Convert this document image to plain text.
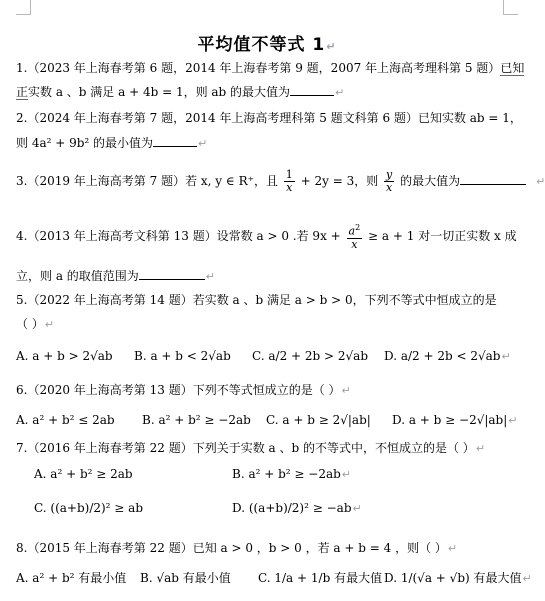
平均值不等式 1↵
1.（2023 年上海春考第 6 题，2014 年上海春考第 9 题，2007 年上海高考理科第 5 题）已知
正实数 a 、b 满足 a + 4b = 1，则 ab 的最大值为	↵
2.（2024 年上海春考第 7 题，2014 年上海高考理科第 5 题文科第 6 题）已知实数 ab = 1，
则 4a² + 9b² 的最小值为	↵
3.（2019 年上海高考第 7 题）若 x, y ∈ R⁺，且 $\frac{1}{x} + 2y = 3$，则 $\frac{y}{x}$ 的最大值为	↵
4.（2013 年上海高考文科第 13 题）设常数 a > 0 .若 $9x + \frac{a^2}{x} \ge a + 1$ 对一切正实数 x 成
立，则 a 的取值范围为	↵
5.（2022 年上海高考第 14 题）若实数 a 、b 满足 a > b > 0，下列不等式中恒成立的是
（ ）↵
A. a + b > 2√ab B. a + b < 2√ab C. a/2 + 2b > 2√ab D. a/2 + 2b < 2√ab↵
6.（2020 年上海高考第 13 题）下列不等式恒成立的是（ ）↵
A. a² + b² ≤ 2ab B. a² + b² ≥ −2ab C. a + b ≥ 2√|ab| D. a + b ≥ −2√|ab|↵
7.（2016 年上海春考第 22 题）下列关于实数 a 、b 的不等式中，不恒成立的是（ ）↵
A. a² + b² ≥ 2ab	B. a² + b² ≥ −2ab↵
C. ((a+b)/2)² ≥ ab	D. ((a+b)/2)² ≥ −ab↵
8.（2015 年上海春考第 22 题）已知 a > 0 ，b > 0 ，若 a + b = 4 ，则（ ）↵
A. a² + b² 有最小值 B. √ab 有最小值 C. 1/a + 1/b 有最大值 D. 1/(√a + √b) 有最大值↵
